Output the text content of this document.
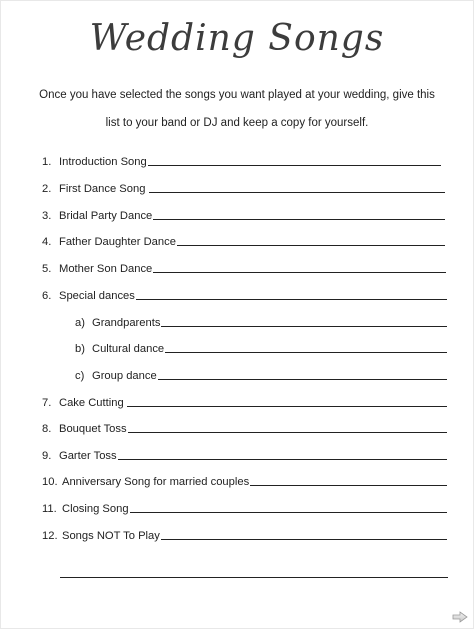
Wedding Songs
Once you have selected the songs you want played at your wedding, give this
list to your band or DJ and keep a copy for yourself.
1. Introduction Song
2. First Dance Song
3. Bridal Party Dance
4. Father Daughter Dance
5. Mother Son Dance
6. Special dances
a) Grandparents
b) Cultural dance
c) Group dance
7. Cake Cutting
8. Bouquet Toss
9. Garter Toss
10. Anniversary Song for married couples
11. Closing Song
12. Songs NOT To Play
